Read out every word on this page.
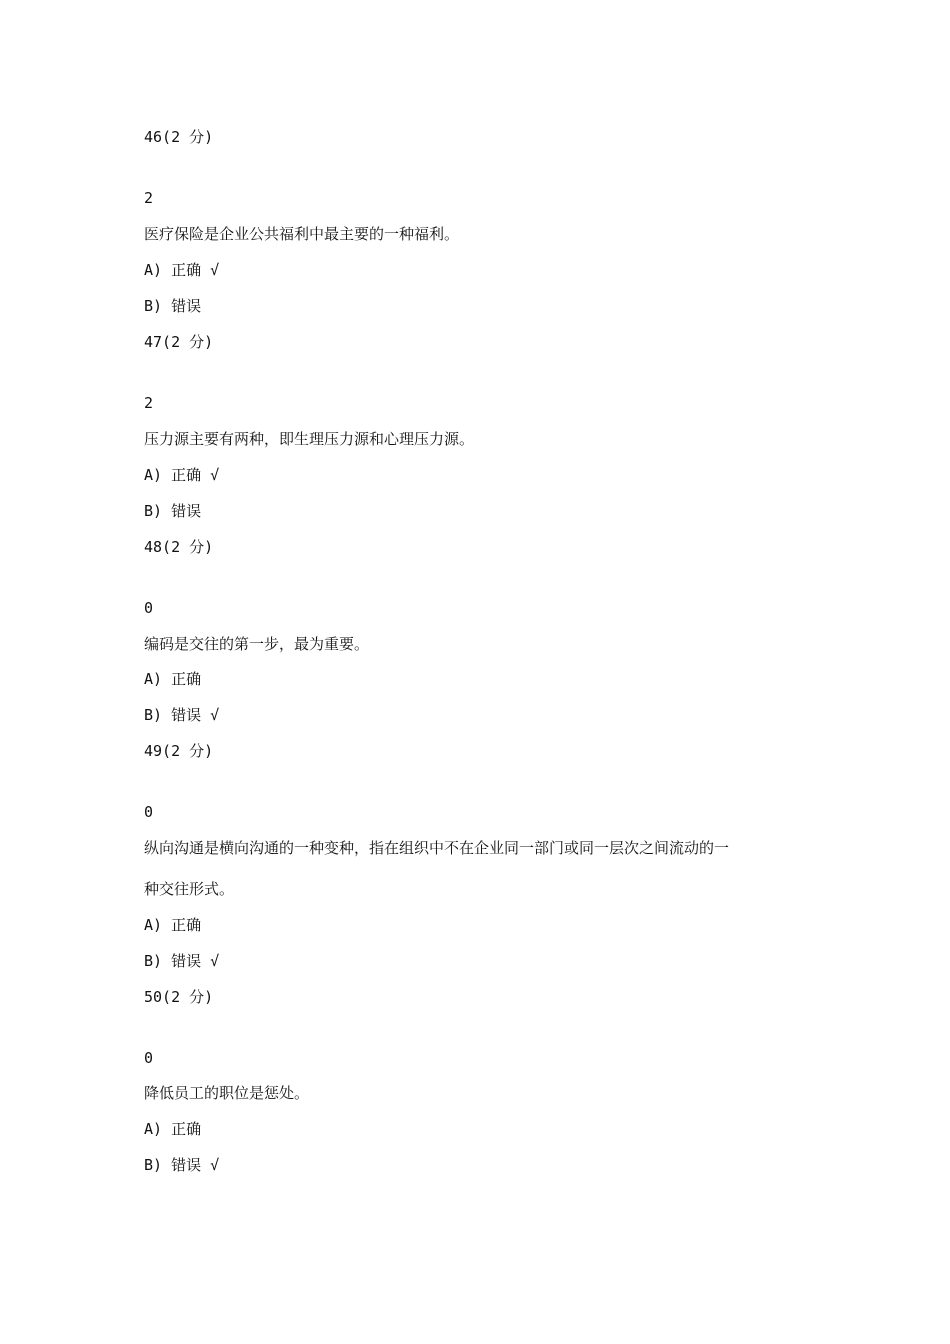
46(2 分)
2
医疗保险是企业公共福利中最主要的一种福利。
A) 正确 √
B) 错误
47(2 分)
2
压力源主要有两种，即生理压力源和心理压力源。
A) 正确 √
B) 错误
48(2 分)
0
编码是交往的第一步，最为重要。
A) 正确
B) 错误 √
49(2 分)
0
纵向沟通是横向沟通的一种变种，指在组织中不在企业同一部门或同一层次之间流动的一
种交往形式。
A) 正确
B) 错误 √
50(2 分)
0
降低员工的职位是惩处。
A) 正确
B) 错误 √
